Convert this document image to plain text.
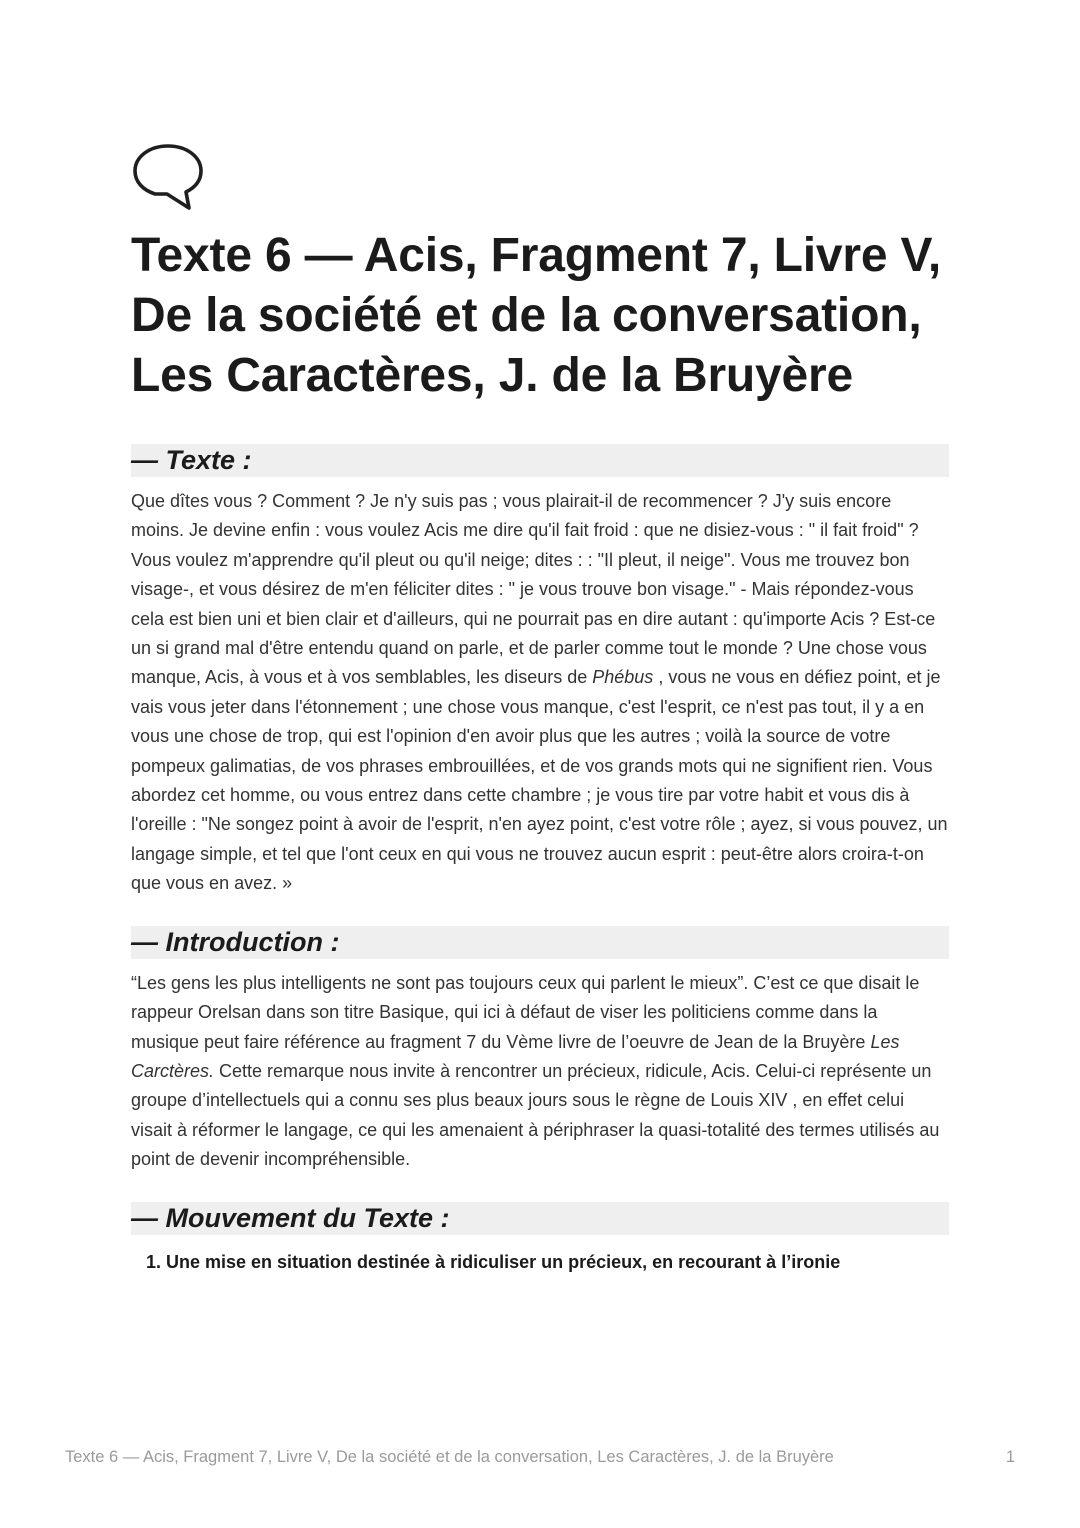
Texte 6 — Acis, Fragment 7, Livre V, De la société et de la conversation, Les Caractères, J. de la Bruyère
— Texte :

Que dîtes vous ? Comment ? Je n'y suis pas ; vous plairait-il de recommencer ? J'y suis encore moins. Je devine enfin : vous voulez Acis me dire qu'il fait froid : que ne disiez-vous : " il fait froid" ? Vous voulez m'apprendre qu'il pleut ou qu'il neige; dites : : "Il pleut, il neige". Vous me trouvez bon visage-, et vous désirez de m'en féliciter dites : " je vous trouve bon visage." - Mais répondez-vous cela est bien uni et bien clair et d'ailleurs, qui ne pourrait pas en dire autant : qu'importe Acis ? Est-ce un si grand mal d'être entendu quand on parle, et de parler comme tout le monde ? Une chose vous manque, Acis, à vous et à vos semblables, les diseurs de Phébus , vous ne vous en défiez point, et je vais vous jeter dans l'étonnement ; une chose vous manque, c'est l'esprit, ce n'est pas tout, il y a en vous une chose de trop, qui est l'opinion d'en avoir plus que les autres ; voilà la source de votre pompeux galimatias, de vos phrases embrouillées, et de vos grands mots qui ne signifient rien. Vous abordez cet homme, ou vous entrez dans cette chambre ; je vous tire par votre habit et vous dis à l'oreille : "Ne songez point à avoir de l'esprit, n'en ayez point, c'est votre rôle ; ayez, si vous pouvez, un langage simple, et tel que l'ont ceux en qui vous ne trouvez aucun esprit : peut-être alors croira-t-on que vous en avez. »

— Introduction :

“Les gens les plus intelligents ne sont pas toujours ceux qui parlent le mieux”. C’est ce que disait le rappeur Orelsan dans son titre Basique, qui ici à défaut de viser les politiciens comme dans la musique peut faire référence au fragment 7 du Vème livre de l’oeuvre de Jean de la Bruyère Les Carctères. Cette remarque nous invite à rencontrer un précieux, ridicule, Acis. Celui-ci représente un groupe d’intellectuels qui a connu ses plus beaux jours sous le règne de Louis XIV , en effet celui visait à réformer le langage, ce qui les amenaient à périphraser la quasi-totalité des termes utilisés au point de devenir incompréhensible.

— Mouvement du Texte :
1. Une mise en situation destinée à ridiculiser un précieux, en recourant à l’ironie
Texte 6 — Acis, Fragment 7, Livre V, De la société et de la conversation, Les Caractères, J. de la Bruyère	1
